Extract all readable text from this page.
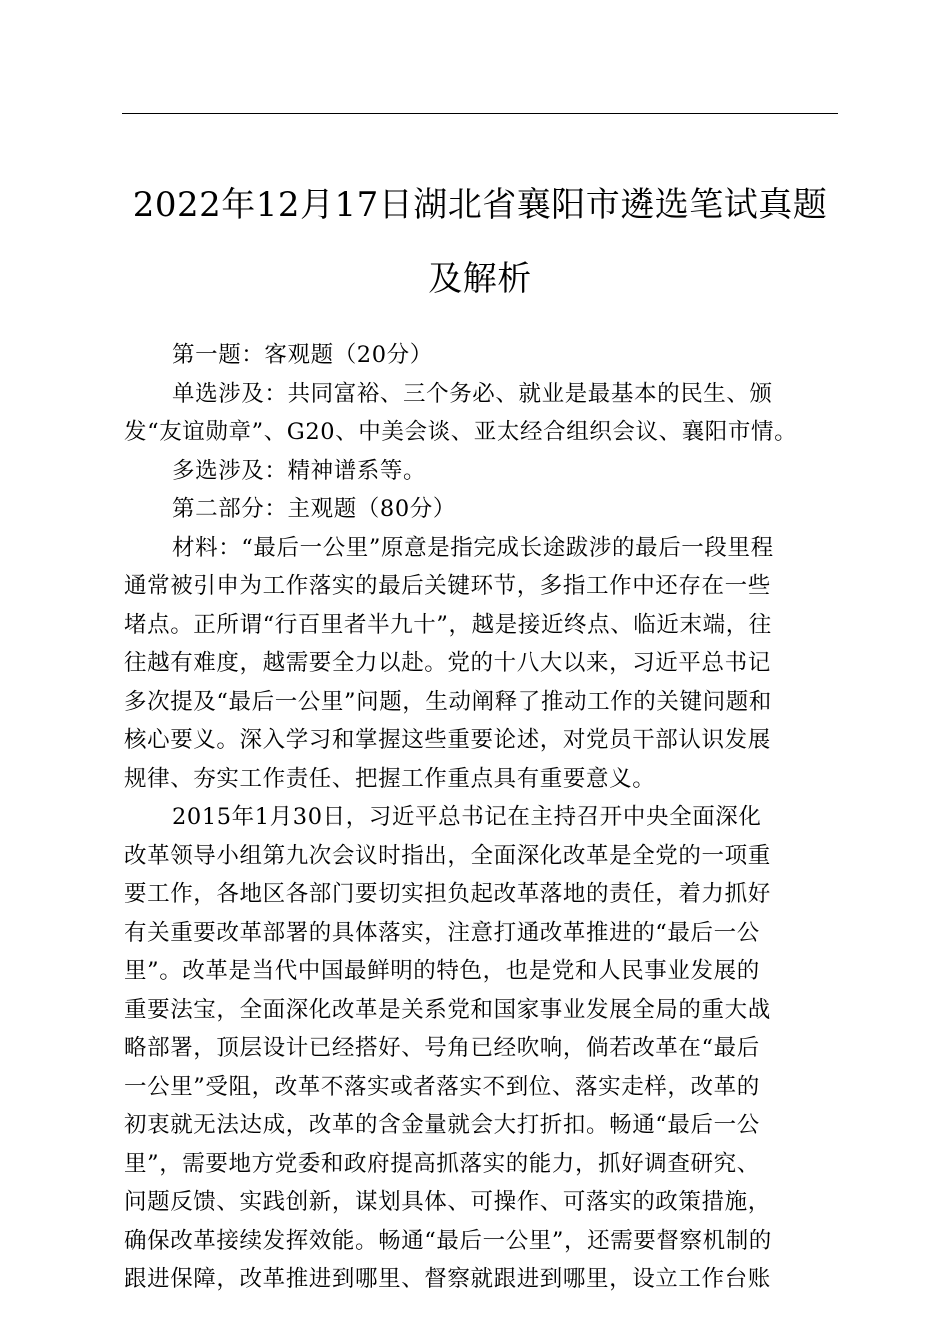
2022年12月17日湖北省襄阳市遴选笔试真题
及解析
第一题：客观题（20分）
单选涉及：共同富裕、三个务必、就业是最基本的民生、颁
发“友谊勋章”、G20、中美会谈、亚太经合组织会议、襄阳市情。
多选涉及：精神谱系等。
第二部分：主观题（80分）
材料：“最后一公里”原意是指完成长途跋涉的最后一段里程
通常被引申为工作落实的最后关键环节，多指工作中还存在一些
堵点。正所谓“行百里者半九十”，越是接近终点、临近末端，往
往越有难度，越需要全力以赴。党的十八大以来，习近平总书记
多次提及“最后一公里”问题，生动阐释了推动工作的关键问题和
核心要义。深入学习和掌握这些重要论述，对党员干部认识发展
规律、夯实工作责任、把握工作重点具有重要意义。
2015年1月30日，习近平总书记在主持召开中央全面深化
改革领导小组第九次会议时指出，全面深化改革是全党的一项重
要工作，各地区各部门要切实担负起改革落地的责任，着力抓好
有关重要改革部署的具体落实，注意打通改革推进的“最后一公
里”。改革是当代中国最鲜明的特色，也是党和人民事业发展的
重要法宝，全面深化改革是关系党和国家事业发展全局的重大战
略部署，顶层设计已经搭好、号角已经吹响，倘若改革在“最后
一公里”受阻，改革不落实或者落实不到位、落实走样，改革的
初衷就无法达成，改革的含金量就会大打折扣。畅通“最后一公
里”，需要地方党委和政府提高抓落实的能力，抓好调查研究、
问题反馈、实践创新，谋划具体、可操作、可落实的政策措施，
确保改革接续发挥效能。畅通“最后一公里”，还需要督察机制的
跟进保障，改革推进到哪里、督察就跟进到哪里，设立工作台账
